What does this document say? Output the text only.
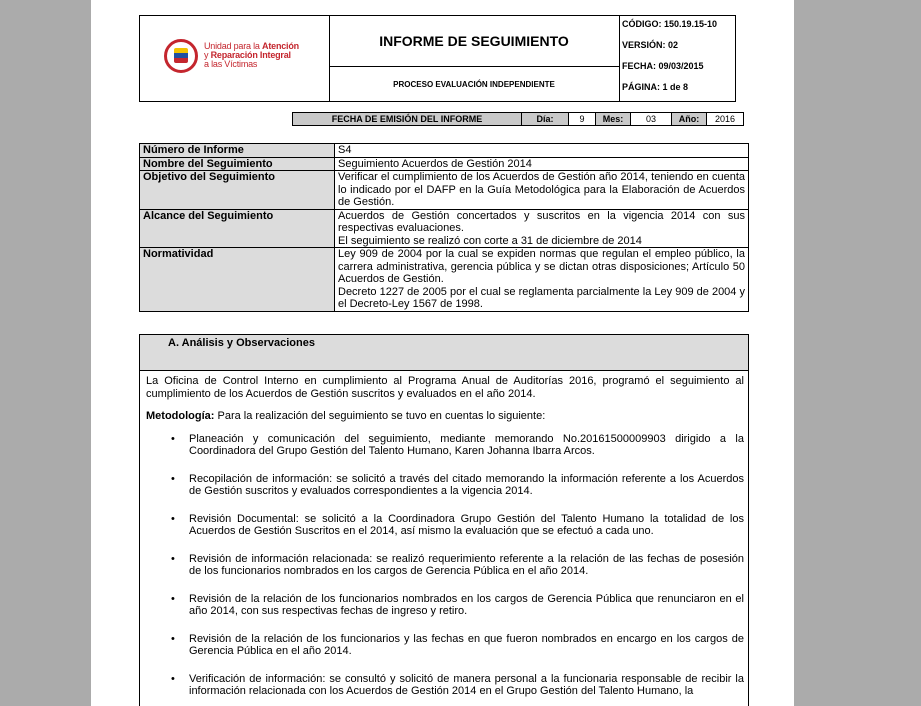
Unidad para la Atención
y Reparación Integral
a las Víctimas
INFORME DE SEGUIMIENTO
PROCESO EVALUACIÓN INDEPENDIENTE
CÓDIGO: 150.19.15-10
VERSIÓN: 02
FECHA: 09/03/2015
PÁGINA: 1 de 8
FECHA DE EMISIÓN DEL INFORME	Día:	9	Mes:	03	Año:	2016
Número de Informe	S4
Nombre del Seguimiento	Seguimiento Acuerdos de Gestión 2014
Objetivo del Seguimiento	Verificar el cumplimiento de los Acuerdos de Gestión año 2014, teniendo en cuenta lo indicado por el DAFP en la Guía Metodológica para la Elaboración de Acuerdos de Gestión.
Alcance del Seguimiento	Acuerdos de Gestión concertados y suscritos en la vigencia 2014 con sus respectivas evaluaciones.
El seguimiento se realizó con corte a 31 de diciembre de 2014

Normatividad	Ley 909 de 2004 por la cual se expiden normas que regulan el empleo público, la carrera administrativa, gerencia pública y se dictan otras disposiciones; Artículo 50 Acuerdos de Gestión.
Decreto 1227 de 2005 por el cual se reglamenta parcialmente la Ley 909 de 2004 y el Decreto-Ley 1567 de 1998.
A. Análisis y Observaciones

La Oficina de Control Interno en cumplimiento al Programa Anual de Auditorías 2016, programó el seguimiento al cumplimiento de los Acuerdos de Gestión suscritos y evaluados en el año 2014.

Metodología: Para la realización del seguimiento se tuvo en cuentas lo siguiente:

• Planeación y comunicación del seguimiento, mediante memorando No.20161500009903 dirigido a la Coordinadora del Grupo Gestión del Talento Humano, Karen Johanna Ibarra Arcos.
• Recopilación de información: se solicitó a través del citado memorando la información referente a los Acuerdos de Gestión suscritos y evaluados correspondientes a la vigencia 2014.
• Revisión Documental: se solicitó a la Coordinadora Grupo Gestión del Talento Humano la totalidad de los Acuerdos de Gestión Suscritos en el 2014, así mismo la evaluación que se efectuó a cada uno.
• Revisión de información relacionada: se realizó requerimiento referente a la relación de las fechas de posesión de los funcionarios nombrados en los cargos de Gerencia Pública en el año 2014.
• Revisión de la relación de los funcionarios nombrados en los cargos de Gerencia Pública que renunciaron en el año 2014, con sus respectivas fechas de ingreso y retiro.
• Revisión de la relación de los funcionarios y las fechas en que fueron nombrados en encargo en los cargos de Gerencia Pública en el año 2014.
• Verificación de información: se consultó y solicitó de manera personal a la funcionaria responsable de recibir la información relacionada con los Acuerdos de Gestión 2014 en el Grupo Gestión del Talento Humano, la
